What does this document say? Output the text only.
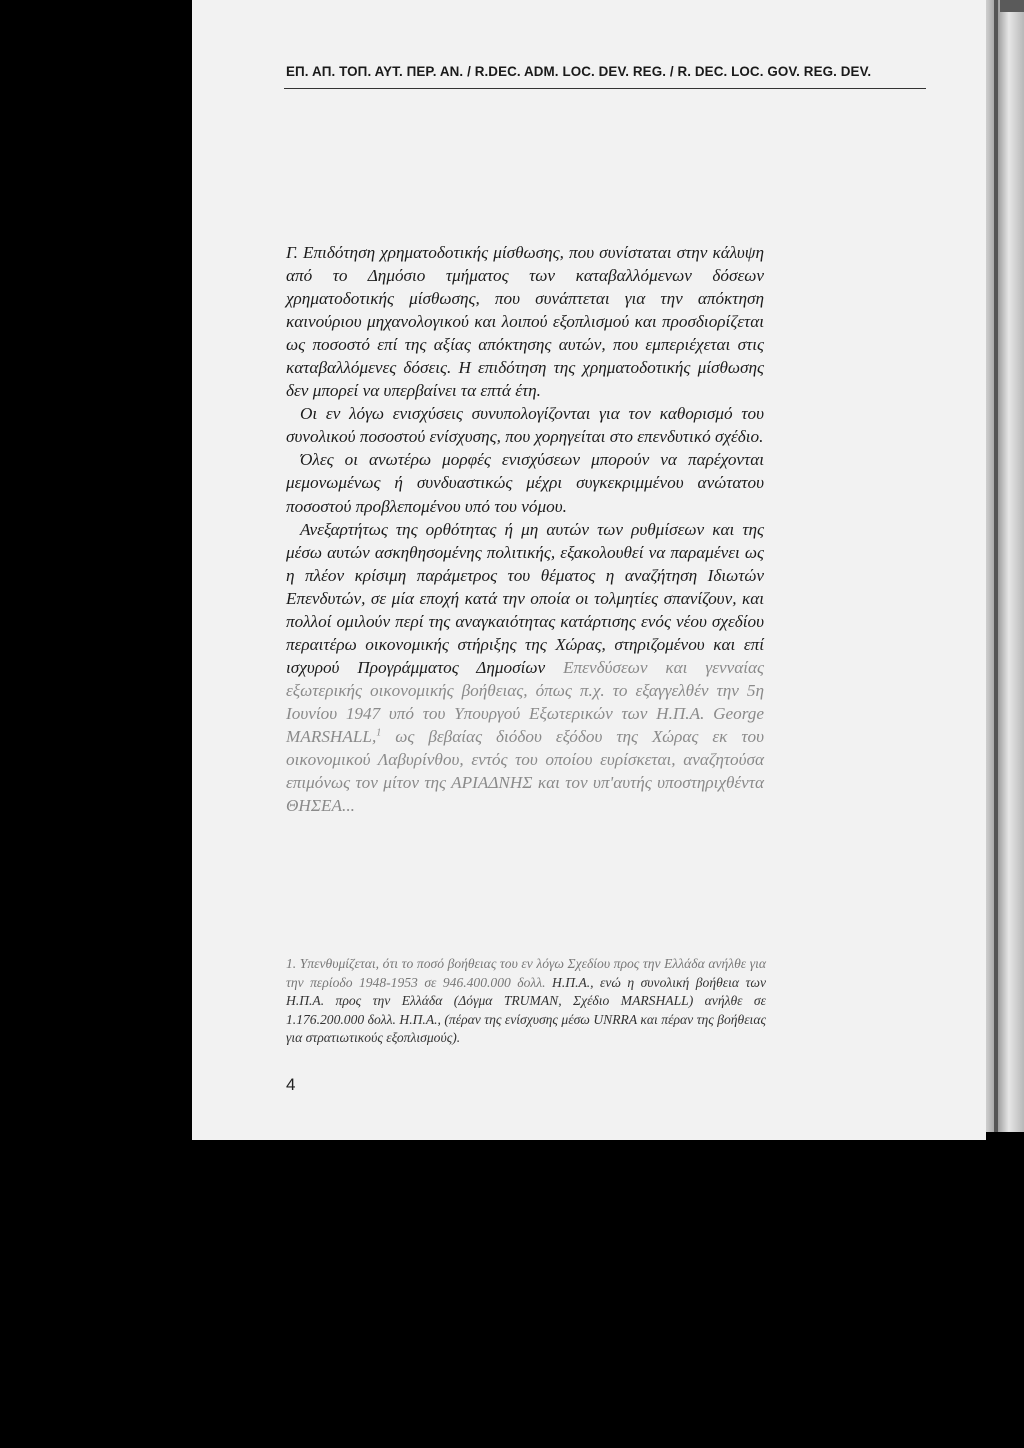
ΕΠ. ΑΠ. ΤΟΠ. ΑΥΤ. ΠΕΡ. ΑΝ. / R.DEC. ADM. LOC. DEV. REG. / R. DEC. LOC. GOV. REG. DEV.

Γ. Επιδότηση χρηματοδοτικής μίσθωσης, που συνίσταται στην κάλυψη από το Δημόσιο τμήματος των καταβαλλόμενων δόσεων χρηματοδοτικής μίσθωσης, που συνάπτεται για την απόκτηση καινούριου μηχανολογικού και λοιπού εξοπλισμού και προσδιορίζεται ως ποσοστό επί της αξίας απόκτησης αυτών, που εμπεριέχεται στις καταβαλλόμενες δόσεις. Η επιδότηση της χρηματοδοτικής μίσθωσης δεν μπορεί να υπερβαίνει τα επτά έτη.

Οι εν λόγω ενισχύσεις συνυπολογίζονται για τον καθορισμό του συνολικού ποσοστού ενίσχυσης, που χορηγείται στο επενδυτικό σχέδιο.

Όλες οι ανωτέρω μορφές ενισχύσεων μπορούν να παρέχονται μεμονωμένως ή συνδυαστικώς μέχρι συγκεκριμμένου ανώτατου ποσοστού προβλεπομένου υπό του νόμου.

Ανεξαρτήτως της ορθότητας ή μη αυτών των ρυθμίσεων και της μέσω αυτών ασκηθησομένης πολιτικής, εξακολουθεί να παραμένει ως η πλέον κρίσιμη παράμετρος του θέματος η αναζήτηση Ιδιωτών Επενδυτών, σε μία εποχή κατά την οποία οι τολμητίες σπανίζουν, και πολλοί ομιλούν περί της αναγκαιότητας κατάρτισης ενός νέου σχεδίου περαιτέρω οικονομικής στήριξης της Χώρας, στηριζομένου και επί ισχυρού Προγράμματος Δημοσίων Επενδύσεων και γενναίας εξωτερικής οικονομικής βοήθειας, όπως π.χ. το εξαγγελθέν την 5η Ιουνίου 1947 υπό του Υπουργού Εξωτερικών των Η.Π.Α. George MARSHALL,$^1$ ως βεβαίας διόδου εξόδου της Χώρας εκ του οικονομικού Λαβυρίνθου, εντός του οποίου ευρίσκεται, αναζητούσα επιμόνως τον μίτον της ΑΡΙΑΔΝΗΣ και τον υπ'αυτής υποστηριχθέντα ΘΗΣΕΑ...

1. Υπενθυμίζεται, ότι το ποσό βοήθειας του εν λόγω Σχεδίου προς την Ελλάδα ανήλθε για την περίοδο 1948-1953 σε 946.400.000 δολλ. Η.Π.Α., ενώ η συνολική βοήθεια των Η.Π.Α. προς την Ελλάδα (Δόγμα TRUMAN, Σχέδιο MARSHALL) ανήλθε σε 1.176.200.000 δολλ. Η.Π.Α., (πέραν της ενίσχυσης μέσω UNRRA και πέραν της βοήθειας για στρατιωτικούς εξοπλισμούς).
4
